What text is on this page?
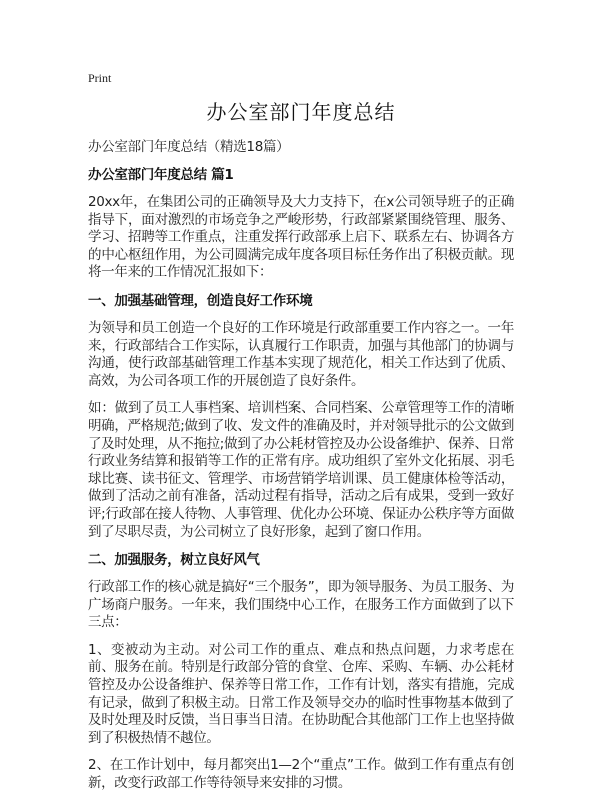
Print
办公室部门年度总结
办公室部门年度总结（精选18篇）
办公室部门年度总结 篇1

20xx年，在集团公司的正确领导及大力支持下，在x公司领导班子的正确指导下，面对激烈的市场竞争之严峻形势，行政部紧紧围绕管理、服务、学习、招聘等工作重点，注重发挥行政部承上启下、联系左右、协调各方的中心枢纽作用，为公司圆满完成年度各项目标任务作出了积极贡献。现将一年来的工作情况汇报如下：

一、加强基础管理，创造良好工作环境

为领导和员工创造一个良好的工作环境是行政部重要工作内容之一。一年来，行政部结合工作实际，认真履行工作职责，加强与其他部门的协调与沟通，使行政部基础管理工作基本实现了规范化，相关工作达到了优质、高效，为公司各项工作的开展创造了良好条件。

如：做到了员工人事档案、培训档案、合同档案、公章管理等工作的清晰明确，严格规范;做到了收、发文件的准确及时，并对领导批示的公文做到了及时处理，从不拖拉;做到了办公耗材管控及办公设备维护、保养、日常行政业务结算和报销等工作的正常有序。成功组织了室外文化拓展、羽毛球比赛、读书征文、管理学、市场营销学培训课、员工健康体检等活动，做到了活动之前有准备，活动过程有指导，活动之后有成果，受到一致好评;行政部在接人待物、人事管理、优化办公环境、保证办公秩序等方面做到了尽职尽责，为公司树立了良好形象，起到了窗口作用。

二、加强服务，树立良好风气

行政部工作的核心就是搞好“三个服务”，即为领导服务、为员工服务、为广场商户服务。一年来，我们围绕中心工作，在服务工作方面做到了以下三点：

1、变被动为主动。对公司工作的重点、难点和热点问题，力求考虑在前、服务在前。特别是行政部分管的食堂、仓库、采购、车辆、办公耗材管控及办公设备维护、保养等日常工作，工作有计划，落实有措施，完成有记录，做到了积极主动。日常工作及领导交办的临时性事物基本做到了及时处理及时反馈，当日事当日清。在协助配合其他部门工作上也坚持做到了积极热情不越位。

2、在工作计划中，每月都突出1—2个“重点”工作。做到工作有重点有创新，改变行政部工作等待领导来安排的习惯。
